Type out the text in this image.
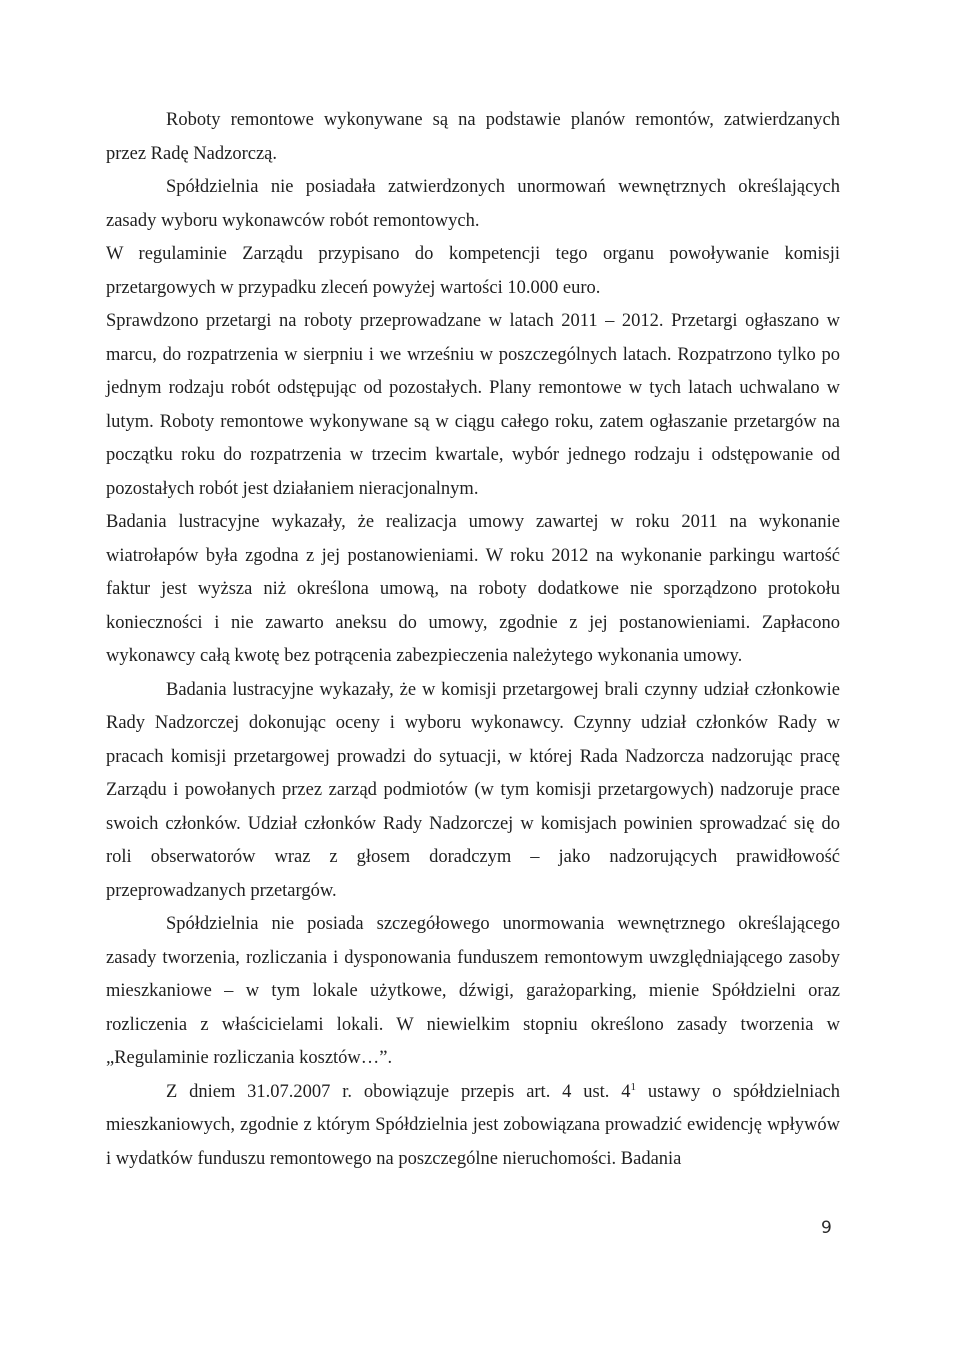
Roboty remontowe wykonywane są na podstawie planów remontów, zatwierdzanych przez Radę Nadzorczą.

Spółdzielnia nie posiadała zatwierdzonych unormowań wewnętrznych określających zasady wyboru wykonawców robót remontowych.

W regulaminie Zarządu przypisano do kompetencji tego organu powoływanie komisji przetargowych w przypadku zleceń powyżej wartości 10.000 euro.

Sprawdzono przetargi na roboty przeprowadzane w latach 2011 – 2012. Przetargi ogłaszano w marcu, do rozpatrzenia w sierpniu i we wrześniu w poszczególnych latach. Rozpatrzono tylko po jednym rodzaju robót odstępując od pozostałych. Plany remontowe w tych latach uchwalano w lutym. Roboty remontowe wykonywane są w ciągu całego roku, zatem ogłaszanie przetargów na początku roku do rozpatrzenia w trzecim kwartale, wybór jednego rodzaju i odstępowanie od pozostałych robót jest działaniem nieracjonalnym.

Badania lustracyjne wykazały, że realizacja umowy zawartej w roku 2011 na wykonanie wiatrołapów była zgodna z jej postanowieniami. W roku 2012 na wykonanie parkingu wartość faktur jest wyższa niż określona umową, na roboty dodatkowe nie sporządzono protokołu konieczności i nie zawarto aneksu do umowy, zgodnie z jej postanowieniami. Zapłacono wykonawcy całą kwotę bez potrącenia zabezpieczenia należytego wykonania umowy.

Badania lustracyjne wykazały, że w komisji przetargowej brali czynny udział członkowie Rady Nadzorczej dokonując oceny i wyboru wykonawcy. Czynny udział członków Rady w pracach komisji przetargowej prowadzi do sytuacji, w której Rada Nadzorcza nadzorując pracę Zarządu i powołanych przez zarząd podmiotów (w tym komisji przetargowych) nadzoruje prace swoich członków. Udział członków Rady Nadzorczej w komisjach powinien sprowadzać się do roli obserwatorów wraz z głosem doradczym – jako nadzorujących prawidłowość przeprowadzanych przetargów.

Spółdzielnia nie posiada szczegółowego unormowania wewnętrznego określającego zasady tworzenia, rozliczania i dysponowania funduszem remontowym uwzględniającego zasoby mieszkaniowe – w tym lokale użytkowe, dźwigi, garażoparking, mienie Spółdzielni oraz rozliczenia z właścicielami lokali. W niewielkim stopniu określono zasady tworzenia w „Regulaminie rozliczania kosztów…”.

Z dniem 31.07.2007 r. obowiązuje przepis art. 4 ust. $4^1$ ustawy o spółdzielniach mieszkaniowych, zgodnie z którym Spółdzielnia jest zobowiązana prowadzić ewidencję wpływów i wydatków funduszu remontowego na poszczególne nieruchomości. Badania

9
